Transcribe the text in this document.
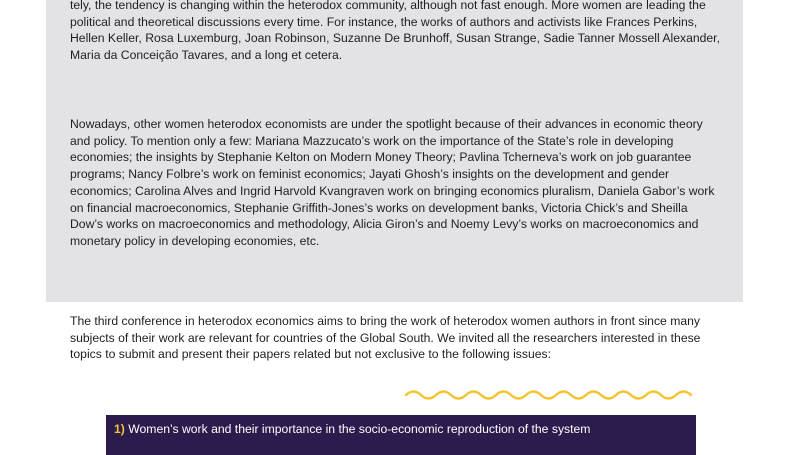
tely, the tendency is changing within the heterodox community, although not fast enough. More women are leading the political and theoretical discussions every time. For instance, the works of authors and activists like Frances Perkins, Hellen Keller, Rosa Luxemburg, Joan Robinson, Suzanne De Brunhoff, Susan Strange, Sadie Tanner Mossell Alexander, Maria da Conceição Tavares, and a long et cetera.

Nowadays, other women heterodox economists are under the spotlight because of their advances in economic theory and policy. To mention only a few: Mariana Mazzucato’s work on the importance of the State’s role in developing economies; the insights by Stephanie Kelton on Modern Money Theory; Pavlina Tcherneva’s work on job guarantee programs; Nancy Folbre’s work on feminist economics; Jayati Ghosh’s insights on the development and gender economics; Carolina Alves and Ingrid Harvold Kvangraven work on bringing economics pluralism, Daniela Gabor’s work on financial macroeconomics, Stephanie Griffith-Jones’s works on development banks, Victoria Chick’s and Sheilla Dow’s works on macroeconomics and methodology, Alicia Giron’s and Noemy Levy’s works on macroeconomics and monetary policy in developing economies, etc.

The third conference in heterodox economics aims to bring the work of heterodox women authors in front since many subjects of their work are relevant for countries of the Global South. We invited all the researchers interested in these topics to submit and present their papers related but not exclusive to the following issues:

1) Women’s work and their importance in the socio-economic reproduction of the system
